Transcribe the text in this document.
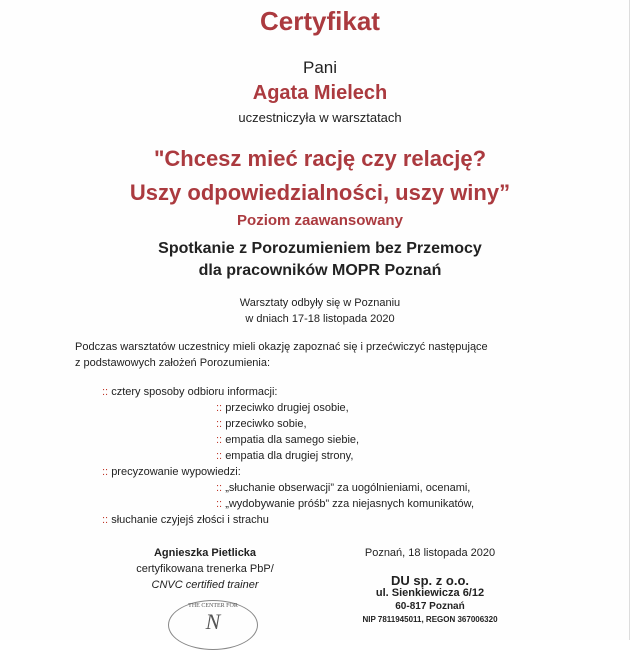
Certyfikat
Pani
Agata Mielech
uczestniczyła w warsztatach
"Chcesz mieć rację czy relację?
Uszy odpowiedzialności, uszy winy”
Poziom zaawansowany
Spotkanie z Porozumieniem bez Przemocy
dla pracowników MOPR Poznań
Warsztaty odbyły się w Poznaniu
w dniach 17-18 listopada 2020
Podczas warsztatów uczestnicy mieli okazję zapoznać się i przećwiczyć następujące
z podstawowych założeń Porozumienia:
:: cztery sposoby odbioru informacji:
:: przeciwko drugiej osobie,
:: przeciwko sobie,
:: empatia dla samego siebie,
:: empatia dla drugiej strony,
:: precyzowanie wypowiedzi:
:: „słuchanie obserwacji” za uogólnieniami, ocenami,
:: „wydobywanie próśb” zza niejasnych komunikatów,
:: słuchanie czyjejś złości i strachu
Agnieszka Pietlicka
certyfikowana trenerka PbP/
CNVC certified trainer
THE CENTER FOR
N
Poznań, 18 listopada 2020
DU sp. z o.o.
ul. Sienkiewicza 6/12
60-817 Poznań
NIP 7811945011, REGON 367006320
